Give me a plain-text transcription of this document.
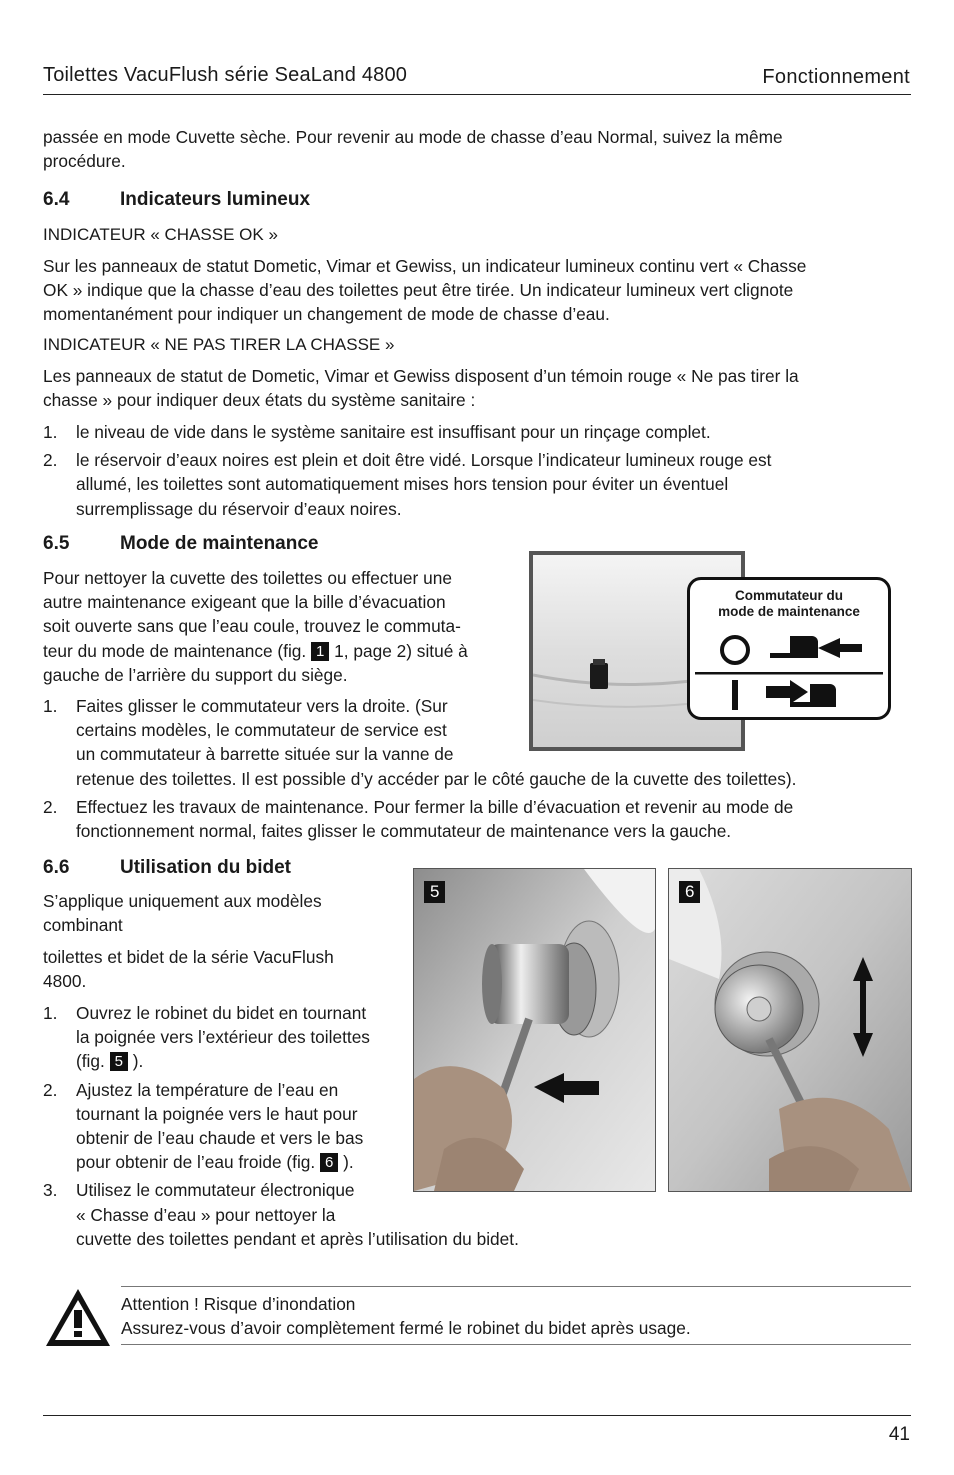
Toilettes VacuFlush série SeaLand 4800	Fonctionnement

passée en mode Cuvette sèche. Pour revenir au mode de chasse d’eau Normal, suivez la même

procédure.

6.4	Indicateurs lumineux
INDICATEUR « CHASSE OK »

Sur les panneaux de statut Dometic, Vimar et Gewiss, un indicateur lumineux continu vert « Chasse

OK » indique que la chasse d’eau des toilettes peut être tirée. Un indicateur lumineux vert clignote

momentanément pour indiquer un changement de mode de chasse d’eau.

INDICATEUR « NE PAS TIRER LA CHASSE »

Les panneaux de statut de Dometic, Vimar et Gewiss disposent d’un témoin rouge « Ne pas tirer la

chasse » pour indiquer deux états du système sanitaire :

1. le niveau de vide dans le système sanitaire est insuffisant pour un rinçage complet.
2. le réservoir d’eaux noires est plein et doit être vidé. Lorsque l’indicateur lumineux rouge est
allumé, les toilettes sont automatiquement mises hors tension pour éviter un éventuel
surremplissage du réservoir d’eaux noires.
6.5	Mode de maintenance

Pour nettoyer la cuvette des toilettes ou effectuer une

autre maintenance exigeant que la bille d’évacuation

soit ouverte sans que l’eau coule, trouvez le commuta-

teur du mode de maintenance (fig. 1 1, page 2) situé à

gauche de l’arrière du support du siège.

1. Faites glisser le commutateur vers la droite. (Sur
certains modèles, le commutateur de service est
un commutateur à barrette située sur la vanne de
retenue des toilettes. Il est possible d’y accéder par le côté gauche de la cuvette des toilettes).
2. Effectuez les travaux de maintenance. Pour fermer la bille d’évacuation et revenir au mode de
fonctionnement normal, faites glisser le commutateur de maintenance vers la gauche.
Commutateur du
mode de maintenance
6.6	Utilisation du bidet

S’applique uniquement aux modèles

combinant

toilettes et bidet de la série VacuFlush

4800.

1. Ouvrez le robinet du bidet en tournant
la poignée vers l’extérieur des toilettes
(fig. 5 ).
2. Ajustez la température de l’eau en
tournant la poignée vers le haut pour
obtenir de l’eau chaude et vers le bas
pour obtenir de l’eau froide (fig. 6 ).
3. Utilisez le commutateur électronique
« Chasse d’eau » pour nettoyer la
cuvette des toilettes pendant et après l’utilisation du bidet.
5	6

Attention ! Risque d’inondation

Assurez-vous d’avoir complètement fermé le robinet du bidet après usage.

41
